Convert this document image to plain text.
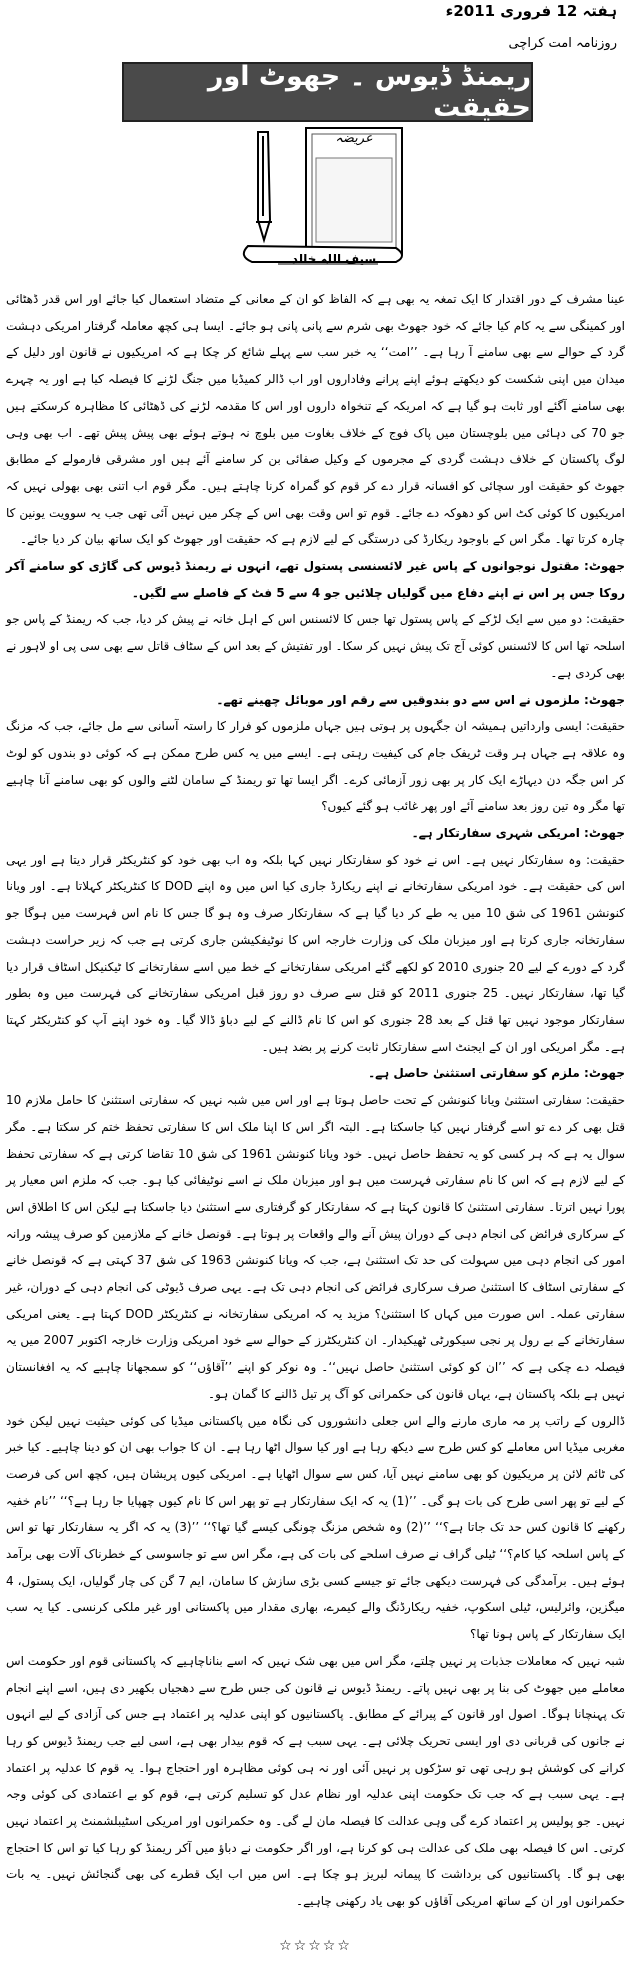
ہفتہ 12 فروری 2011ء
روزنامہ امت کراچی
ریمنڈ ڈیوس ۔ جھوٹ اور حقیقت
عریضہ
سیف اللہ خالد

عینا مشرف کے دور اقتدار کا ایک تمغہ یہ بھی ہے کہ الفاظ کو ان کے معانی کے متضاد استعمال کیا جائے اور اس قدر ڈھٹائی اور کمینگی سے یہ کام کیا جائے کہ خود جھوٹ بھی شرم سے پانی پانی ہو جائے۔ ایسا ہی کچھ معاملہ گرفتار امریکی دہشت گرد کے حوالے سے بھی سامنے آ رہا ہے۔ ’’امت‘‘ یہ خبر سب سے پہلے شائع کر چکا ہے کہ امریکیوں نے قانون اور دلیل کے میدان میں اپنی شکست کو دیکھتے ہوئے اپنے پرانے وفاداروں اور اب ڈالر کمیڈیا میں جنگ لڑنے کا فیصلہ کیا ہے اور یہ چہرے بھی سامنے آگئے اور ثابت ہو گیا ہے کہ امریکہ کے تنخواہ داروں اور اس کا مقدمہ لڑنے کی ڈھٹائی کا مظاہرہ کرسکتے ہیں جو 70 کی دہائی میں بلوچستان میں پاک فوج کے خلاف بغاوت میں بلوچ نہ ہوتے ہوئے بھی پیش پیش تھے۔ اب بھی وہی لوگ پاکستان کے خلاف دہشت گردی کے مجرموں کے وکیل صفائی بن کر سامنے آئے ہیں اور مشرقی فارمولے کے مطابق جھوٹ کو حقیقت اور سچائی کو افسانہ قرار دے کر قوم کو گمراہ کرنا چاہتے ہیں۔ مگر قوم اب اتنی بھی بھولی نہیں کہ امریکیوں کا کوئی کٹ اس کو دھوکہ دے جائے۔ قوم تو اس وقت بھی اس کے چکر میں نہیں آئی تھی جب یہ سوویت یونین کا چارہ کرتا تھا۔ مگر اس کے باوجود ریکارڈ کی درستگی کے لیے لازم ہے کہ حقیقت اور جھوٹ کو ایک ساتھ بیان کر دیا جائے۔

جھوٹ: مقتول نوجوانوں کے پاس غیر لائسنسی پستول تھے، انہوں نے ریمنڈ ڈیوس کی گاڑی کو سامنے آکر روکا جس پر اس نے اپنے دفاع میں گولیاں چلائیں جو 4 سے 5 فٹ کے فاصلے سے لگیں۔

حقیقت: دو میں سے ایک لڑکے کے پاس پستول تھا جس کا لائسنس اس کے اہل خانہ نے پیش کر دیا، جب کہ ریمنڈ کے پاس جو اسلحہ تھا اس کا لائسنس کوئی آج تک پیش نہیں کر سکا۔ اور تفتیش کے بعد اس کے سٹاف قاتل سے بھی سی پی او لاہور نے بھی کردی ہے۔

جھوٹ: ملزموں نے اس سے دو بندوقیں سے رقم اور موبائل چھینے تھے۔

حقیقت: ایسی وارداتیں ہمیشہ ان جگہوں پر ہوتی ہیں جہاں ملزموں کو فرار کا راستہ آسانی سے مل جائے، جب کہ مزنگ وہ علاقہ ہے جہاں ہر وقت ٹریفک جام کی کیفیت رہتی ہے۔ ایسے میں یہ کس طرح ممکن ہے کہ کوئی دو بندوں کو لوٹ کر اس جگہ دن دیہاڑے ایک کار پر بھی زور آزمائی کرے۔ اگر ایسا تھا تو ریمنڈ کے سامان لٹنے والوں کو بھی سامنے آنا چاہیے تھا مگر وہ تین روز بعد سامنے آئے اور پھر غائب ہو گئے کیوں؟

جھوٹ: امریکی شہری سفارتکار ہے۔

حقیقت: وہ سفارتکار نہیں ہے۔ اس نے خود کو سفارتکار نہیں کہا بلکہ وہ اب بھی خود کو کنٹریکٹر قرار دیتا ہے اور یہی اس کی حقیقت ہے۔ خود امریکی سفارتخانے نے اپنے ریکارڈ جاری کیا اس میں وہ اپنے DOD کا کنٹریکٹر کہلاتا ہے۔ اور ویانا کنونشن 1961 کی شق 10 میں یہ طے کر دیا گیا ہے کہ سفارتکار صرف وہ ہو گا جس کا نام اس فہرست میں ہوگا جو سفارتخانہ جاری کرتا ہے اور میزبان ملک کی وزارت خارجہ اس کا نوٹیفکیشن جاری کرتی ہے جب کہ زیر حراست دہشت گرد کے دورے کے لیے 20 جنوری 2010 کو لکھے گئے امریکی سفارتخانے کے خط میں اسے سفارتخانے کا ٹیکنیکل اسٹاف قرار دیا گیا تھا، سفارتکار نہیں۔ 25 جنوری 2011 کو قتل سے صرف دو روز قبل امریکی سفارتخانے کی فہرست میں وہ بطور سفارتکار موجود نہیں تھا قتل کے بعد 28 جنوری کو اس کا نام ڈالنے کے لیے دباؤ ڈالا گیا۔ وہ خود اپنے آپ کو کنٹریکٹر کہتا ہے۔ مگر امریکی اور ان کے ایجنٹ اسے سفارتکار ثابت کرنے پر بضد ہیں۔

جھوٹ: ملزم کو سفارتی استثنیٰ حاصل ہے۔

حقیقت: سفارتی استثنیٰ ویانا کنونشن کے تحت حاصل ہوتا ہے اور اس میں شبہ نہیں کہ سفارتی استثنیٰ کا حامل ملازم 10 قتل بھی کر دے تو اسے گرفتار نہیں کیا جاسکتا ہے۔ البتہ اگر اس کا اپنا ملک اس کا سفارتی تحفظ ختم کر سکتا ہے۔ مگر سوال یہ ہے کہ ہر کسی کو یہ تحفظ حاصل نہیں۔ خود ویانا کنونشن 1961 کی شق 10 تقاضا کرتی ہے کہ سفارتی تحفظ کے لیے لازم ہے کہ اس کا نام سفارتی فہرست میں ہو اور میزبان ملک نے اسے نوٹیفائی کیا ہو۔ جب کہ ملزم اس معیار پر پورا نہیں اترتا۔ سفارتی استثنیٰ کا قانون کہتا ہے کہ سفارتکار کو گرفتاری سے استثنیٰ دیا جاسکتا ہے لیکن اس کا اطلاق اس کے سرکاری فرائض کی انجام دہی کے دوران پیش آنے والے واقعات پر ہوتا ہے۔ قونصل خانے کے ملازمین کو صرف پیشہ ورانہ امور کی انجام دہی میں سہولت کی حد تک استثنیٰ ہے، جب کہ ویانا کنونشن 1963 کی شق 37 کہتی ہے کہ قونصل خانے کے سفارتی اسٹاف کا استثنیٰ صرف سرکاری فرائض کی انجام دہی تک ہے۔ یہی صرف ڈیوٹی کی انجام دہی کے دوران، غیر سفارتی عملہ۔ اس صورت میں کہاں کا استثنیٰ؟ مزید یہ کہ امریکی سفارتخانہ نے کنٹریکٹر DOD کہتا ہے۔ یعنی امریکی سفارتخانے کے بے رول پر نجی سیکورٹی ٹھیکیدار۔ ان کنٹریکٹرز کے حوالے سے خود امریکی وزارت خارجہ اکتوبر 2007 میں یہ فیصلہ دے چکی ہے کہ ’’ان کو کوئی استثنیٰ حاصل نہیں‘‘۔ وہ نوکر کو اپنے ’’آقاؤں‘‘ کو سمجھانا چاہیے کہ یہ افغانستان نہیں ہے بلکہ پاکستان ہے، یہاں قانون کی حکمرانی کو آگ پر تیل ڈالنے کا گمان ہو۔

ڈالروں کے راتب پر مہ ماری مارنے والے اس جعلی دانشوروں کی نگاہ میں پاکستانی میڈیا کی کوئی حیثیت نہیں لیکن خود مغربی میڈیا اس معاملے کو کس طرح سے دیکھ رہا ہے اور کیا سوال اٹھا رہا ہے۔ ان کا جواب بھی ان کو دینا چاہیے۔ کیا خبر کی ٹائم لائن پر مریکیون کو بھی سامنے نہیں آیا، کس سے سوال اٹھایا ہے۔ امریکی کیوں پریشان ہیں، کچھ اس کی فرصت کے لیے تو پھر اسی طرح کی بات ہو گی۔ ’’(1) یہ کہ ایک سفارتکار ہے تو پھر اس کا نام کیوں چھپایا جا رہا ہے؟‘‘ ’’نام خفیہ رکھنے کا قانون کس حد تک جاتا ہے؟‘‘ ’’(2) وہ شخص مزنگ چونگی کیسے گیا تھا؟‘‘ ’’(3) یہ کہ اگر یہ سفارتکار تھا تو اس کے پاس اسلحہ کیا کام؟‘‘ ٹیلی گراف نے صرف اسلحے کی بات کی ہے، مگر اس سے تو جاسوسی کے خطرناک آلات بھی برآمد ہوئے ہیں۔ برآمدگی کی فہرست دیکھی جائے تو جیسے کسی بڑی سازش کا سامان، ایم 7 گن کی چار گولیاں، ایک پستول، 4 میگزین، وائرلیس، ٹیلی اسکوپ، خفیہ ریکارڈنگ والے کیمرے، بھاری مقدار میں پاکستانی اور غیر ملکی کرنسی۔ کیا یہ سب ایک سفارتکار کے پاس ہونا تھا؟

شبہ نہیں کہ معاملات جذبات پر نہیں چلتے، مگر اس میں بھی شک نہیں کہ اسے بناناچاہیے کہ پاکستانی قوم اور حکومت اس معاملے میں جھوٹ کی بنا پر بھی نہیں پاتے۔ ریمنڈ ڈیوس نے قانون کی جس طرح سے دھجیاں بکھیر دی ہیں، اسے اپنے انجام تک پہنچانا ہوگا۔ اصول اور قانون کے پیرائے کے مطابق۔ پاکستانیوں کو اپنی عدلیہ پر اعتماد ہے جس کی آزادی کے لیے انہوں نے جانوں کی قربانی دی اور ایسی تحریک چلائی ہے۔ یہی سبب ہے کہ قوم بیدار بھی ہے، اسی لیے جب ریمنڈ ڈیوس کو رہا کرانے کی کوشش ہو رہی تھی تو سڑکوں پر نہیں آئی اور نہ ہی کوئی مظاہرہ اور احتجاج ہوا۔ یہ قوم کا عدلیہ پر اعتماد ہے۔ یہی سبب ہے کہ جب تک حکومت اپنی عدلیہ اور نظام عدل کو تسلیم کرتی ہے، قوم کو بے اعتمادی کی کوئی وجہ نہیں۔ جو پولیس پر اعتماد کرے گی وہی عدالت کا فیصلہ مان لے گی۔ وہ حکمرانوں اور امریکی اسٹیبلشمنٹ پر اعتماد نہیں کرتی۔ اس کا فیصلہ بھی ملک کی عدالت ہی کو کرنا ہے، اور اگر حکومت نے دباؤ میں آکر ریمنڈ کو رہا کیا تو اس کا احتجاج بھی ہو گا۔ پاکستانیوں کی برداشت کا پیمانہ لبریز ہو چکا ہے۔ اس میں اب ایک قطرے کی بھی گنجائش نہیں۔ یہ بات حکمرانوں اور ان کے ساتھ امریکی آقاؤں کو بھی یاد رکھنی چاہیے۔

☆☆☆☆☆
